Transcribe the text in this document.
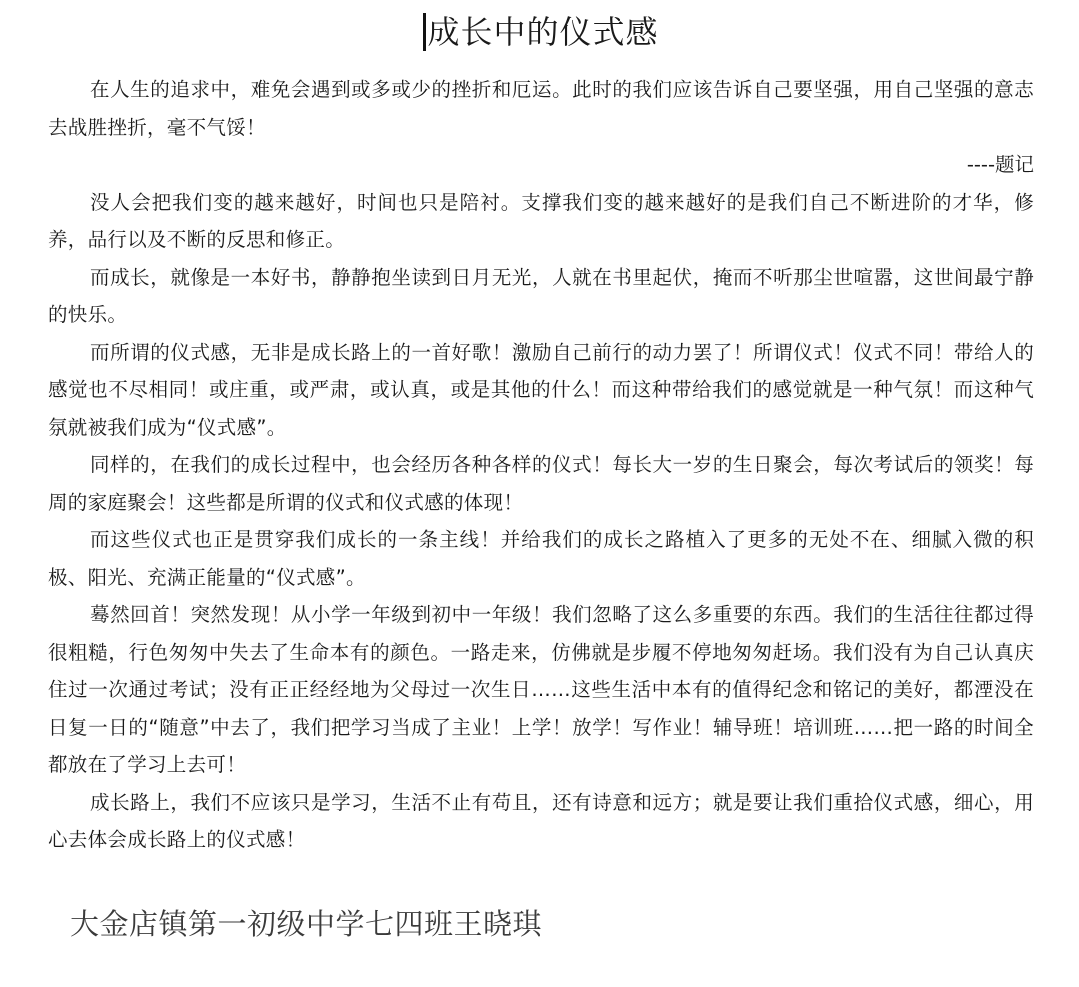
成长中的仪式感

在人生的追求中，难免会遇到或多或少的挫折和厄运。此时的我们应该告诉自己要坚强，用自己坚强的意志去战胜挫折，毫不气馁！

----题记

没人会把我们变的越来越好，时间也只是陪衬。支撑我们变的越来越好的是我们自己不断进阶的才华，修养，品行以及不断的反思和修正。

而成长，就像是一本好书，静静抱坐读到日月无光，人就在书里起伏，掩而不听那尘世喧嚣，这世间最宁静的快乐。

而所谓的仪式感，无非是成长路上的一首好歌！激励自己前行的动力罢了！所谓仪式！仪式不同！带给人的感觉也不尽相同！或庄重，或严肃，或认真，或是其他的什么！而这种带给我们的感觉就是一种气氛！而这种气氛就被我们成为“仪式感”。

同样的，在我们的成长过程中，也会经历各种各样的仪式！每长大一岁的生日聚会，每次考试后的领奖！每周的家庭聚会！这些都是所谓的仪式和仪式感的体现！

而这些仪式也正是贯穿我们成长的一条主线！并给我们的成长之路植入了更多的无处不在、细腻入微的积极、阳光、充满正能量的“仪式感”。

蓦然回首！突然发现！从小学一年级到初中一年级！我们忽略了这么多重要的东西。我们的生活往往都过得很粗糙，行色匆匆中失去了生命本有的颜色。一路走来，仿佛就是步履不停地匆匆赶场。我们没有为自己认真庆住过一次通过考试；没有正正经经地为父母过一次生日……这些生活中本有的值得纪念和铭记的美好，都湮没在日复一日的“随意”中去了，我们把学习当成了主业！上学！放学！写作业！辅导班！培训班……把一路的时间全都放在了学习上去可！

成长路上，我们不应该只是学习，生活不止有苟且，还有诗意和远方；就是要让我们重拾仪式感，细心，用心去体会成长路上的仪式感！

大金店镇第一初级中学七四班王晓琪
